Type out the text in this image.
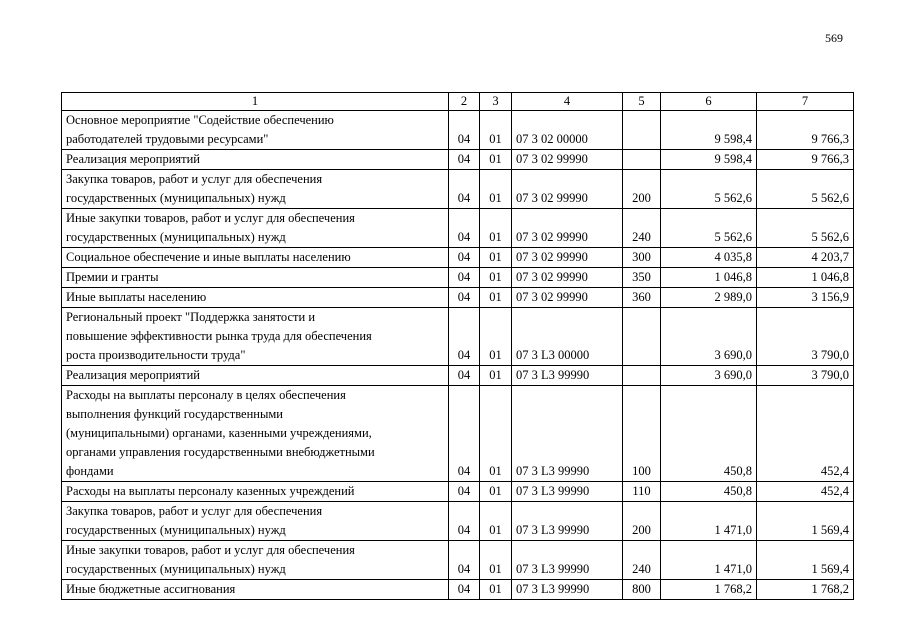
569
1	2	3	4	5	6	7

Основное мероприятие "Содействие обеспечению
работодателей трудовыми ресурсами"	04	01	07 3 02 00000		9 598,4	9 766,3

Реализация мероприятий	04	01	07 3 02 99990		9 598,4	9 766,3

Закупка товаров, работ и услуг для обеспечения
государственных (муниципальных) нужд	04	01	07 3 02 99990	200	5 562,6	5 562,6

Иные закупки товаров, работ и услуг для обеспечения
государственных (муниципальных) нужд	04	01	07 3 02 99990	240	5 562,6	5 562,6

Социальное обеспечение и иные выплаты населению	04	01	07 3 02 99990	300	4 035,8	4 203,7

Премии и гранты	04	01	07 3 02 99990	350	1 046,8	1 046,8

Иные выплаты населению	04	01	07 3 02 99990	360	2 989,0	3 156,9

Региональный проект "Поддержка занятости и
повышение эффективности рынка труда для обеспечения
роста производительности труда"	04	01	07 3 L3 00000		3 690,0	3 790,0

Реализация мероприятий	04	01	07 3 L3 99990		3 690,0	3 790,0

Расходы на выплаты персоналу в целях обеспечения
выполнения функций государственными
(муниципальными) органами, казенными учреждениями,
органами управления государственными внебюджетными
фондами	04	01	07 3 L3 99990	100	450,8	452,4

Расходы на выплаты персоналу казенных учреждений	04	01	07 3 L3 99990	110	450,8	452,4

Закупка товаров, работ и услуг для обеспечения
государственных (муниципальных) нужд	04	01	07 3 L3 99990	200	1 471,0	1 569,4

Иные закупки товаров, работ и услуг для обеспечения
государственных (муниципальных) нужд	04	01	07 3 L3 99990	240	1 471,0	1 569,4

Иные бюджетные ассигнования	04	01	07 3 L3 99990	800	1 768,2	1 768,2
